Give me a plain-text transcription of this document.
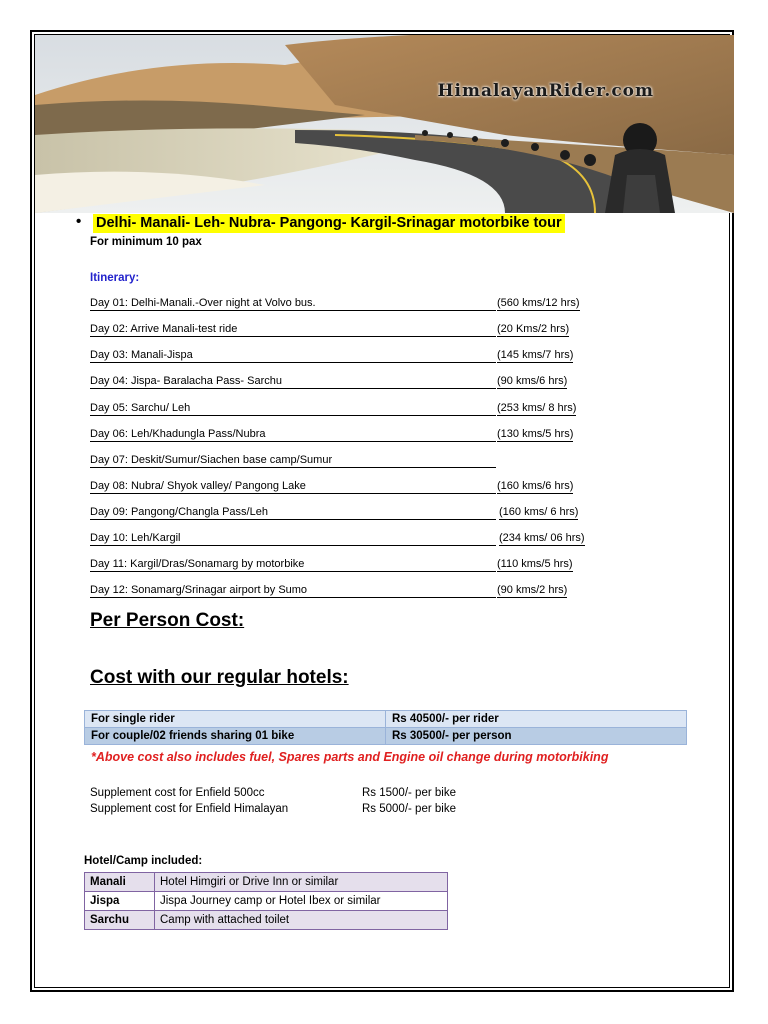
HimalayanRider.com
• Delhi- Manali- Leh- Nubra- Pangong- Kargil-Srinagar motorbike tour
For minimum 10 pax
Itinerary:
Day 01: Delhi-Manali.-Over night at Volvo bus.	(560 kms/12 hrs)
Day 02: Arrive Manali-test ride	(20 Kms/2 hrs)
Day 03: Manali-Jispa	(145 kms/7 hrs)
Day 04: Jispa- Baralacha Pass- Sarchu	(90 kms/6 hrs)
Day 05: Sarchu/ Leh	(253 kms/ 8 hrs)
Day 06: Leh/Khadungla Pass/Nubra	(130 kms/5 hrs)
Day 07: Deskit/Sumur/Siachen base camp/Sumur
Day 08: Nubra/ Shyok valley/ Pangong Lake	(160 kms/6 hrs)
Day 09: Pangong/Changla Pass/Leh	(160 kms/ 6 hrs)
Day 10: Leh/Kargil	(234 kms/ 06 hrs)
Day 11: Kargil/Dras/Sonamarg by motorbike	(110 kms/5 hrs)
Day 12: Sonamarg/Srinagar airport by Sumo	(90 kms/2 hrs)
Per Person Cost:
Cost with our regular hotels:
For single rider	Rs 40500/- per rider
For couple/02 friends sharing 01 bike	Rs 30500/- per person
*Above cost also includes fuel, Spares parts and Engine oil change during motorbiking
Supplement cost for Enfield 500cc	Rs 1500/- per bike
Supplement cost for Enfield Himalayan	Rs 5000/- per bike
Hotel/Camp included:
Manali	Hotel Himgiri or Drive Inn or similar
Jispa	Jispa Journey camp or Hotel Ibex or similar
Sarchu	Camp with attached toilet
